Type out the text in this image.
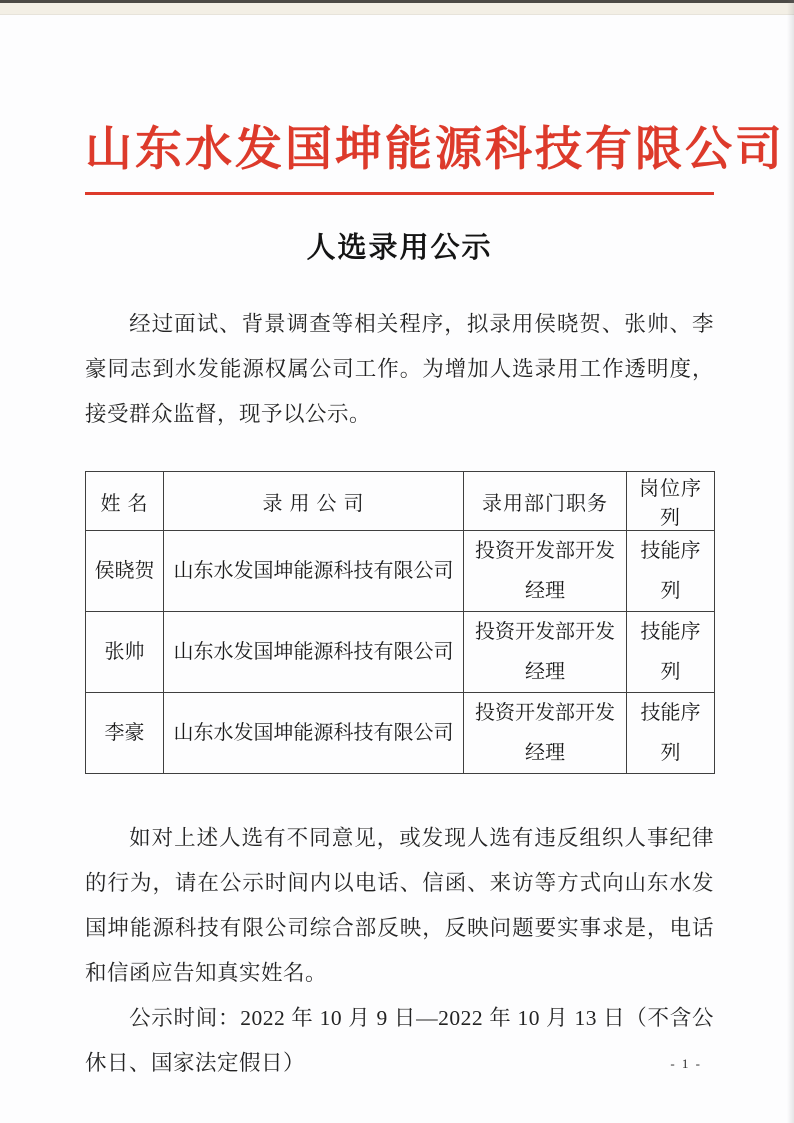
山东水发国坤能源科技有限公司
人选录用公示

经过面试、背景调查等相关程序，拟录用侯晓贺、张帅、李豪同志到水发能源权属公司工作。为增加人选录用工作透明度，接受群众监督，现予以公示。

姓 名	录 用 公 司	录用部门职务	岗位序列
侯晓贺	山东水发国坤能源科技有限公司	投资开发部开发经理	技能序列
张帅	山东水发国坤能源科技有限公司	投资开发部开发经理	技能序列
李豪	山东水发国坤能源科技有限公司	投资开发部开发经理	技能序列

如对上述人选有不同意见，或发现人选有违反组织人事纪律的行为，请在公示时间内以电话、信函、来访等方式向山东水发国坤能源科技有限公司综合部反映，反映问题要实事求是，电话和信函应告知真实姓名。

公示时间：2022 年 10 月 9 日—2022 年 10 月 13 日（不含公休日、国家法定假日）	- 1 -
